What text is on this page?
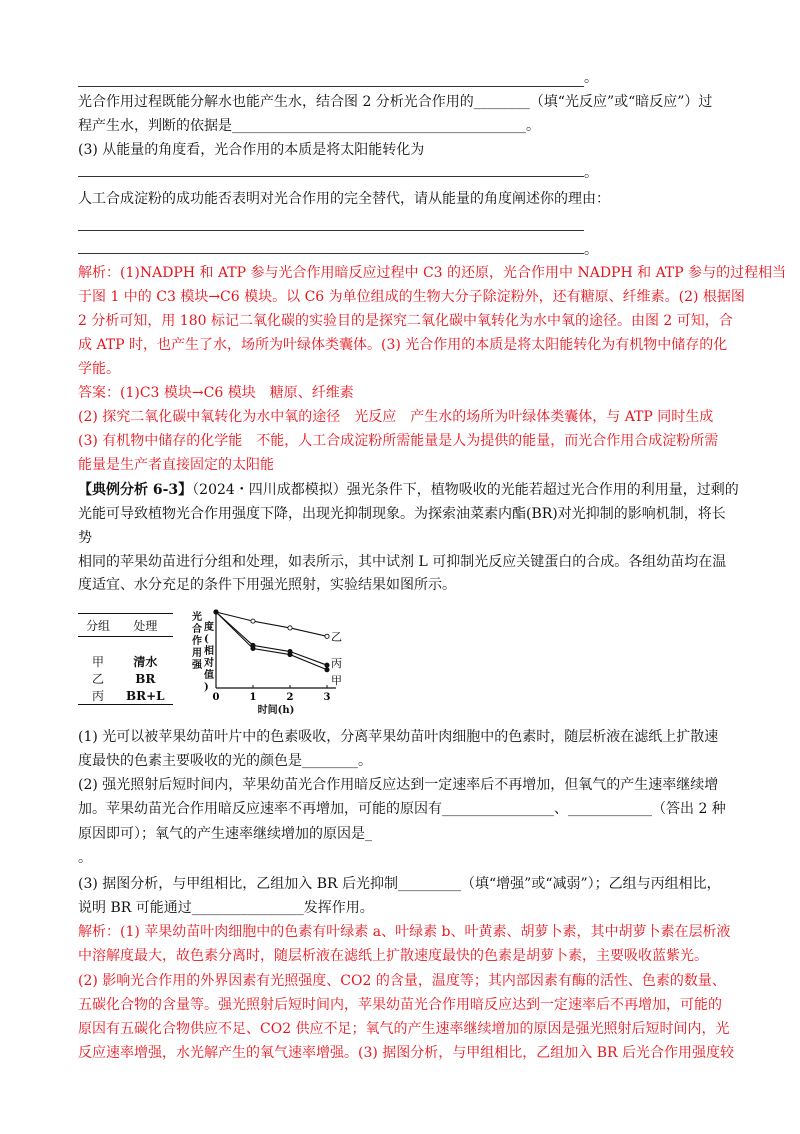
。
光合作用过程既能分解水也能产生水，结合图 2 分析光合作用的________（填“光反应”或“暗反应”）过
程产生水，判断的依据是__________________________________________。
(3) 从能量的角度看，光合作用的本质是将太阳能转化为
。
人工合成淀粉的成功能否表明对光合作用的完全替代，请从能量的角度阐述你的理由：
。
解析：(1)NADPH 和 ATP 参与光合作用暗反应过程中 C3 的还原，光合作用中 NADPH 和 ATP 参与的过程相当
于图 1 中的 C3 模块→C6 模块。以 C6 为单位组成的生物大分子除淀粉外，还有糖原、纤维素。(2) 根据图
2 分析可知，用 180 标记二氧化碳的实验目的是探究二氧化碳中氧转化为水中氧的途径。由图 2 可知，合
成 ATP 时，也产生了水，场所为叶绿体类囊体。(3) 光合作用的本质是将太阳能转化为有机物中储存的化
学能。
答案：(1)C3 模块→C6 模块　糖原、纤维素
(2) 探究二氧化碳中氧转化为水中氧的途径　光反应　产生水的场所为叶绿体类囊体，与 ATP 同时生成
(3) 有机物中储存的化学能　不能，人工合成淀粉所需能量是人为提供的能量，而光合作用合成淀粉所需
能量是生产者直接固定的太阳能
【典例分析 6-3】（2024・四川成都模拟）强光条件下，植物吸收的光能若超过光合作用的利用量，过剩的
光能可导致植物光合作用强度下降，出现光抑制现象。为探索油菜素内酯(BR)对光抑制的影响机制，将长
势
相同的苹果幼苗进行分组和处理，如表所示，其中试剂 L 可抑制光反应关键蛋白的合成。各组幼苗均在温
度适宜、水分充足的条件下用强光照射，实验结果如图所示。
分组	处理

甲	清水
乙	BR
丙	BR+L
光合作用强度(相对值)
0	1	2	3
乙
丙
甲
时间(h)
(1) 光可以被苹果幼苗叶片中的色素吸收，分离苹果幼苗叶肉细胞中的色素时，随层析液在滤纸上扩散速
度最快的色素主要吸收的光的颜色是________。
(2) 强光照射后短时间内，苹果幼苗光合作用暗反应达到一定速率后不再增加，但氧气的产生速率继续增
加。苹果幼苗光合作用暗反应速率不再增加，可能的原因有________________、____________（答出 2 种
原因即可）；氧气的产生速率继续增加的原因是_
。
(3) 据图分析，与甲组相比，乙组加入 BR 后光抑制_________（填“增强”或“减弱”）；乙组与丙组相比，
说明 BR 可能通过________________发挥作用。
解析：(1) 苹果幼苗叶肉细胞中的色素有叶绿素 a、叶绿素 b、叶黄素、胡萝卜素，其中胡萝卜素在层析液
中溶解度最大，故色素分离时，随层析液在滤纸上扩散速度最快的色素是胡萝卜素，主要吸收蓝紫光。
(2) 影响光合作用的外界因素有光照强度、CO2 的含量，温度等；其内部因素有酶的活性、色素的数量、
五碳化合物的含量等。强光照射后短时间内，苹果幼苗光合作用暗反应达到一定速率后不再增加，可能的
原因有五碳化合物供应不足、CO2 供应不足；氧气的产生速率继续增加的原因是强光照射后短时间内，光
反应速率增强，水光解产生的氧气速率增强。(3) 据图分析，与甲组相比，乙组加入 BR 后光合作用强度较
